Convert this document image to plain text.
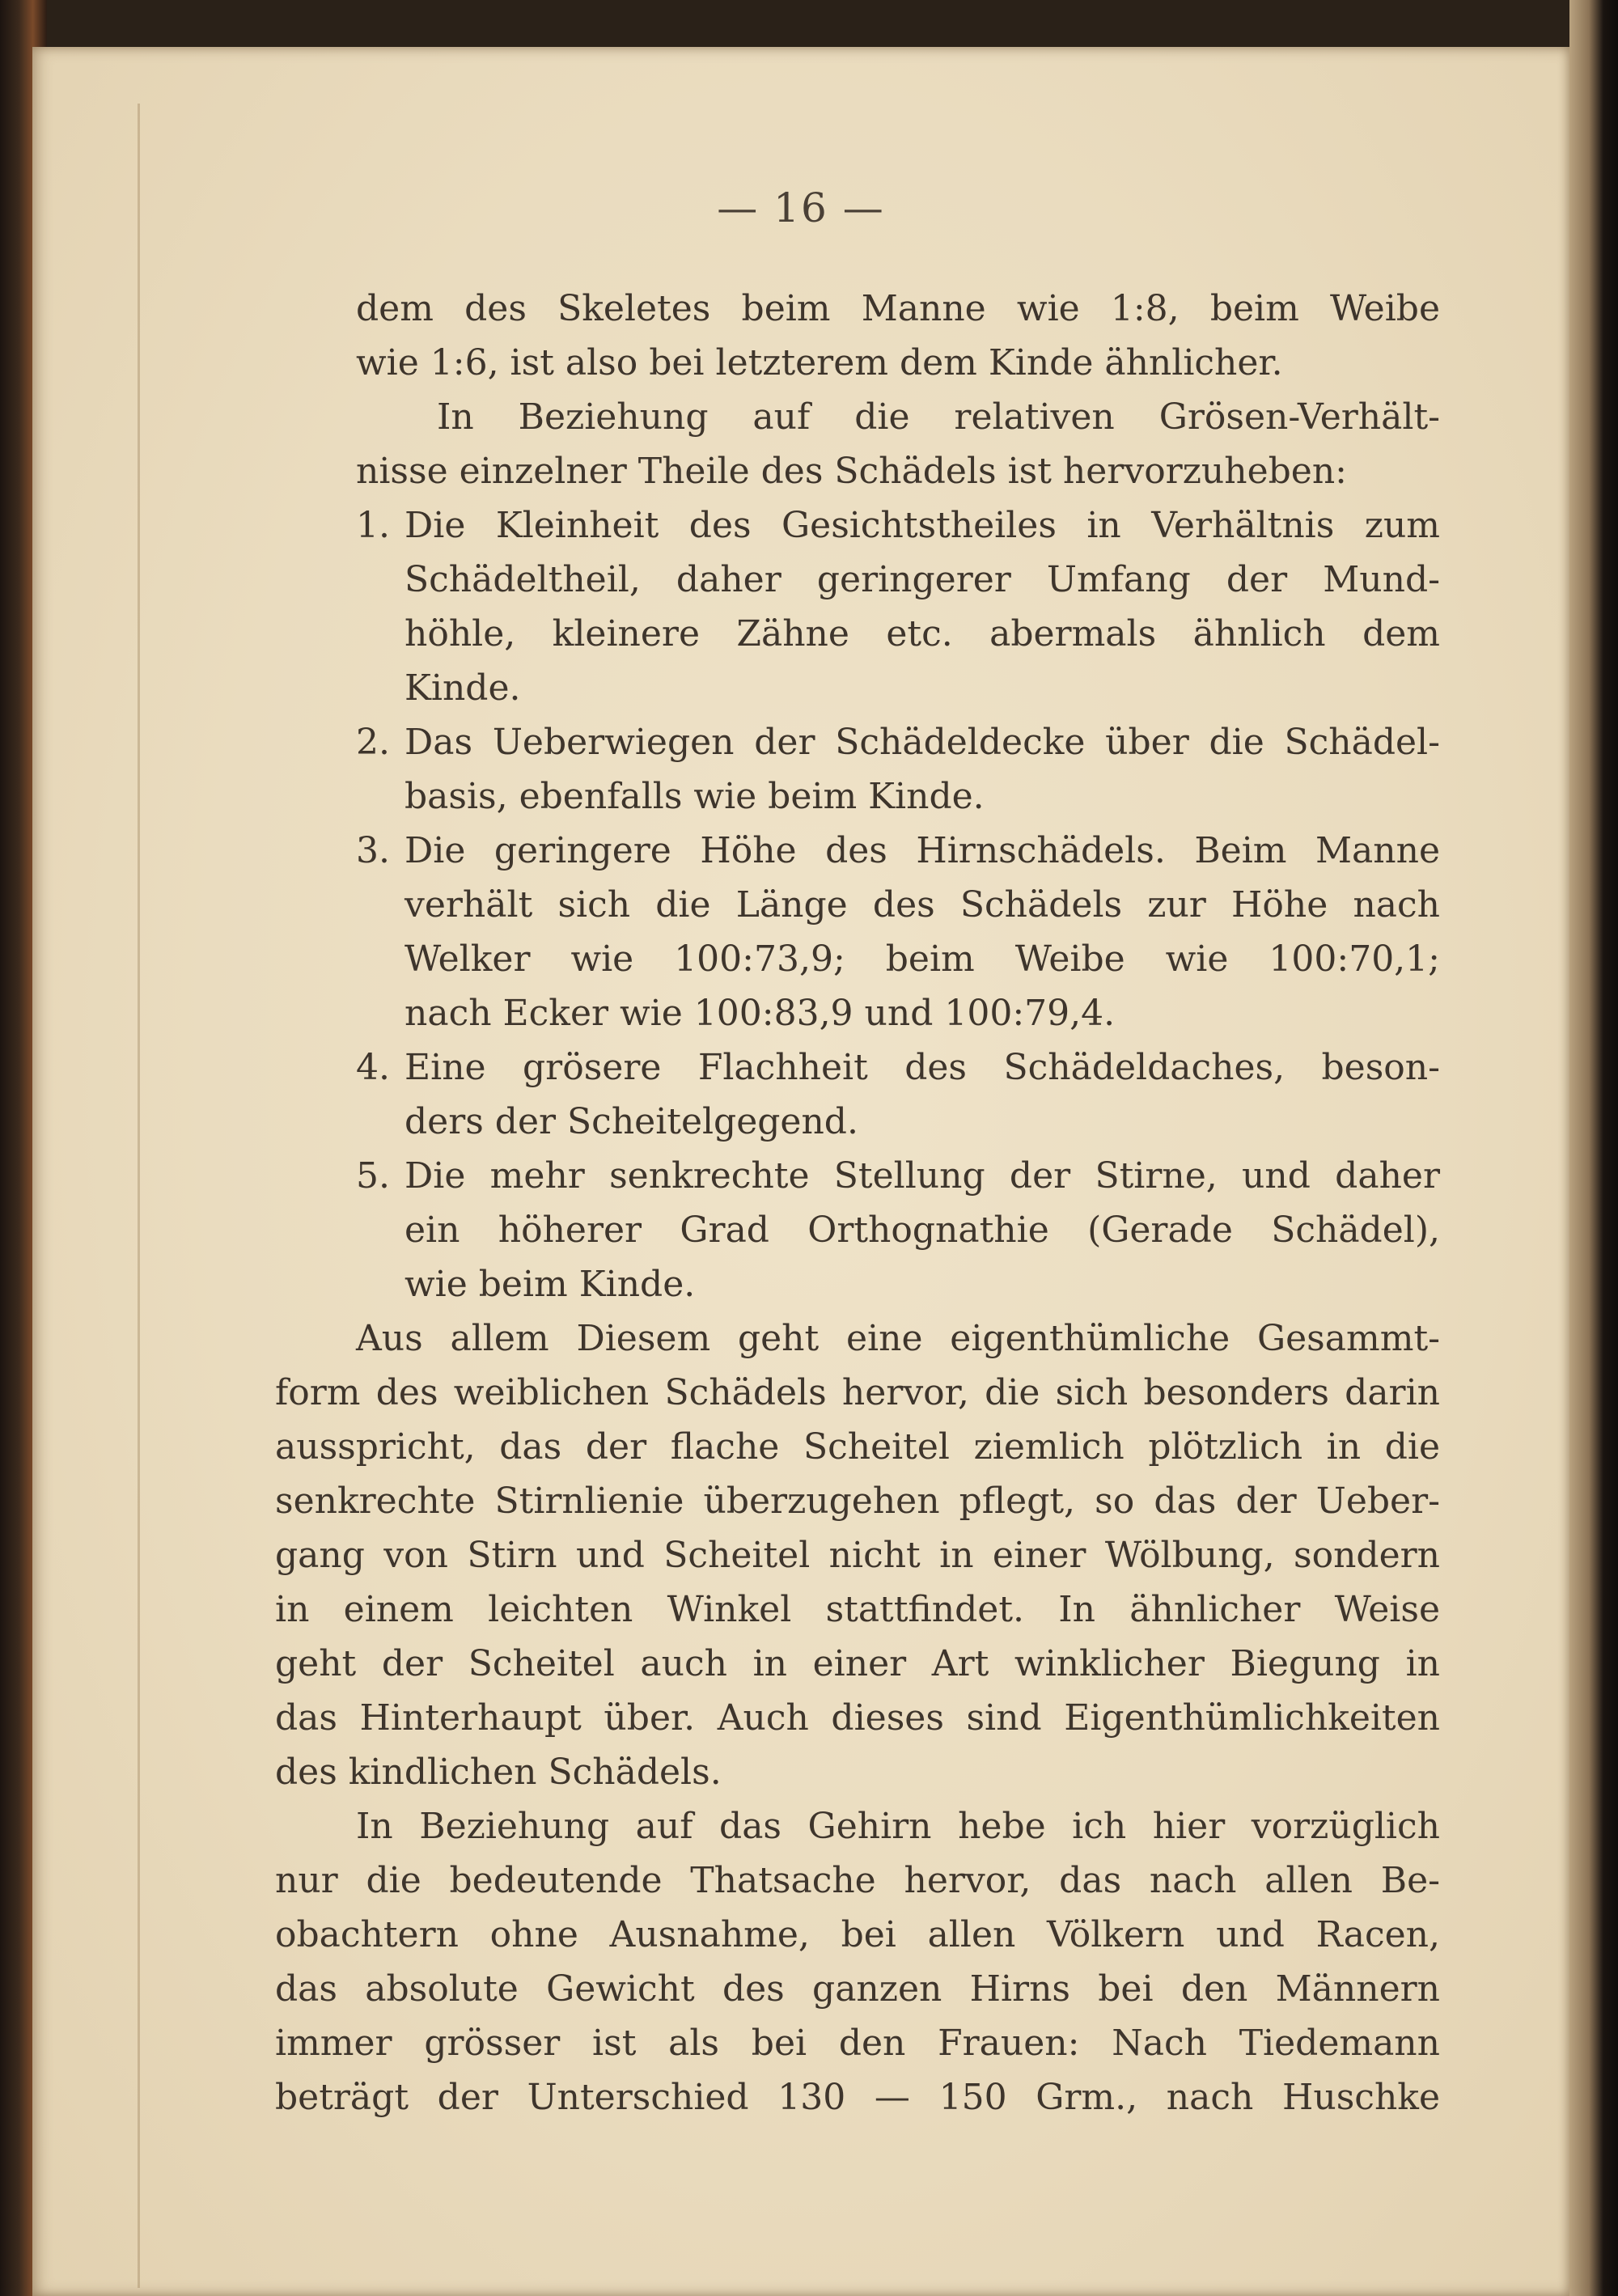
— 16 —
dem des Skeletes beim Manne wie 1:8, beim Weibe
wie 1:6, ist also bei letzterem dem Kinde ähnlicher.
In Beziehung auf die relativen Grösen-Verhält-
nisse einzelner Theile des Schädels ist hervorzuheben:
1. Die Kleinheit des Gesichtstheiles in Verhältnis zum
Schädeltheil, daher geringerer Umfang der Mund-
höhle, kleinere Zähne etc. abermals ähnlich dem
Kinde.
2. Das Ueberwiegen der Schädeldecke über die Schädel-
basis, ebenfalls wie beim Kinde.
3. Die geringere Höhe des Hirnschädels. Beim Manne
verhält sich die Länge des Schädels zur Höhe nach
Welker wie 100:73,9; beim Weibe wie 100:70,1;
nach Ecker wie 100:83,9 und 100:79,4.
4. Eine grösere Flachheit des Schädeldaches, beson-
ders der Scheitelgegend.
5. Die mehr senkrechte Stellung der Stirne, und daher
ein höherer Grad Orthognathie (Gerade Schädel),
wie beim Kinde.
Aus allem Diesem geht eine eigenthümliche Gesammt-
form des weiblichen Schädels hervor, die sich besonders darin
ausspricht, das der flache Scheitel ziemlich plötzlich in die
senkrechte Stirnlienie überzugehen pflegt, so das der Ueber-
gang von Stirn und Scheitel nicht in einer Wölbung, sondern
in einem leichten Winkel stattfindet. In ähnlicher Weise
geht der Scheitel auch in einer Art winklicher Biegung in
das Hinterhaupt über. Auch dieses sind Eigenthümlichkeiten
des kindlichen Schädels.
In Beziehung auf das Gehirn hebe ich hier vorzüglich
nur die bedeutende Thatsache hervor, das nach allen Be-
obachtern ohne Ausnahme, bei allen Völkern und Racen,
das absolute Gewicht des ganzen Hirns bei den Männern
immer grösser ist als bei den Frauen: Nach Tiedemann
beträgt der Unterschied 130 — 150 Grm., nach Huschke
